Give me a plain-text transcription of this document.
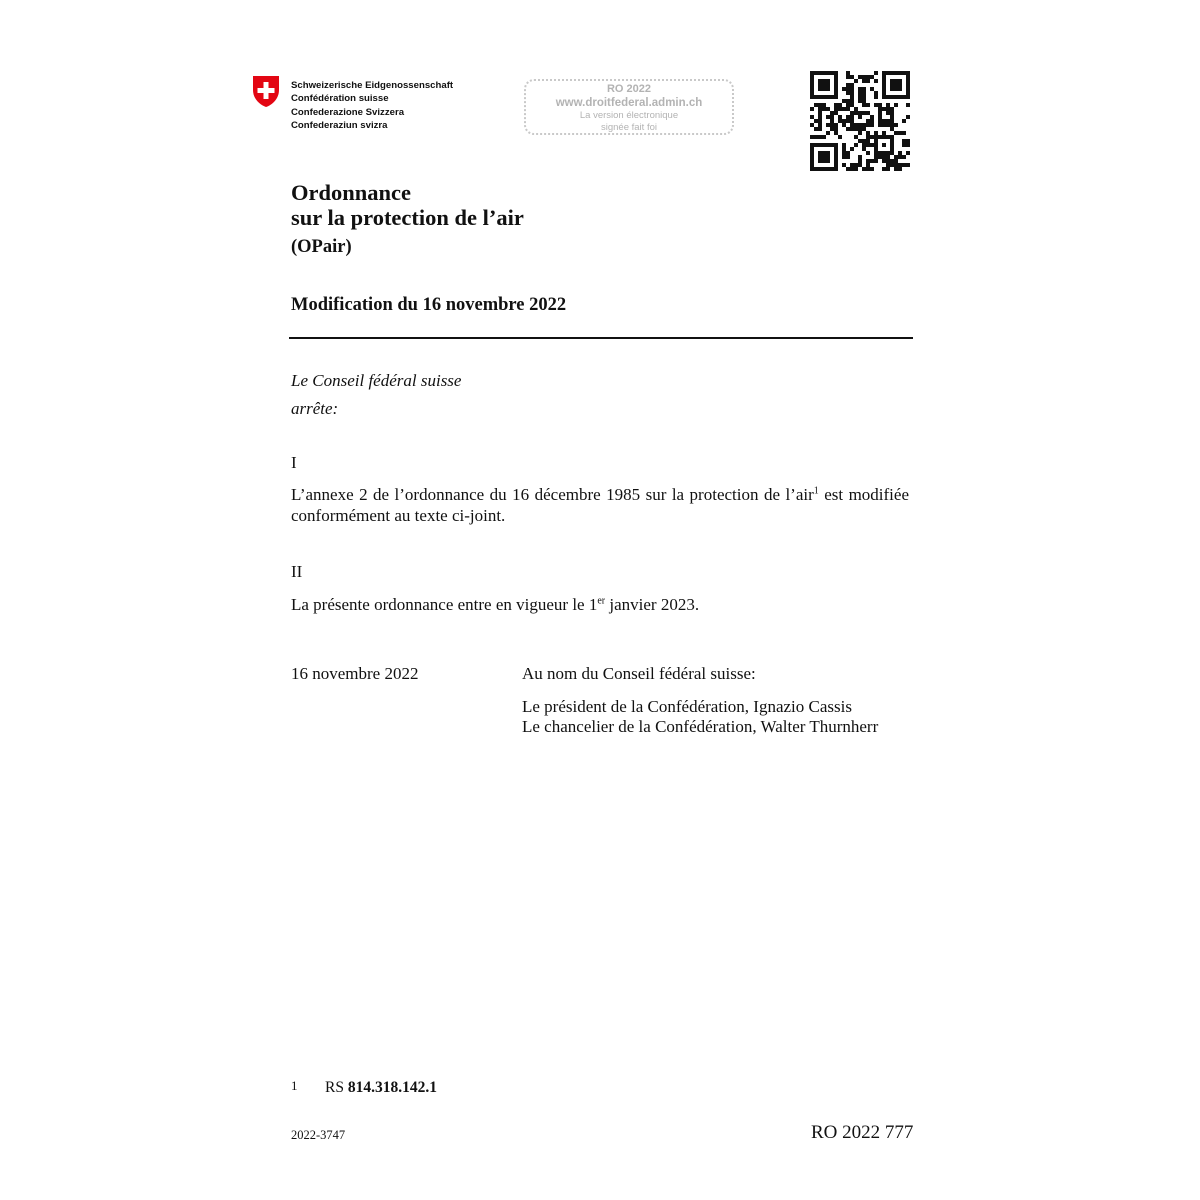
Schweizerische Eidgenossenschaft
Confédération suisse
Confederazione Svizzera
Confederaziun svizra
RO 2022
www.droitfederal.admin.ch
La version électronique
signée fait foi
Ordonnance
sur la protection de l’air
(OPair)
Modification du 16 novembre 2022
Le Conseil fédéral suisse
arrête:
I
L’annexe 2 de l’ordonnance du 16 décembre 1985 sur la protection de l’air$^1$ est modifiée conformément au texte ci-joint.
II
La présente ordonnance entre en vigueur le 1er janvier 2023.
16 novembre 2022	Au nom du Conseil fédéral suisse:
Le président de la Confédération, Ignazio Cassis
Le chancelier de la Confédération, Walter Thurnherr
1 RS 814.318.142.1
2022-3747	RO 2022 777
